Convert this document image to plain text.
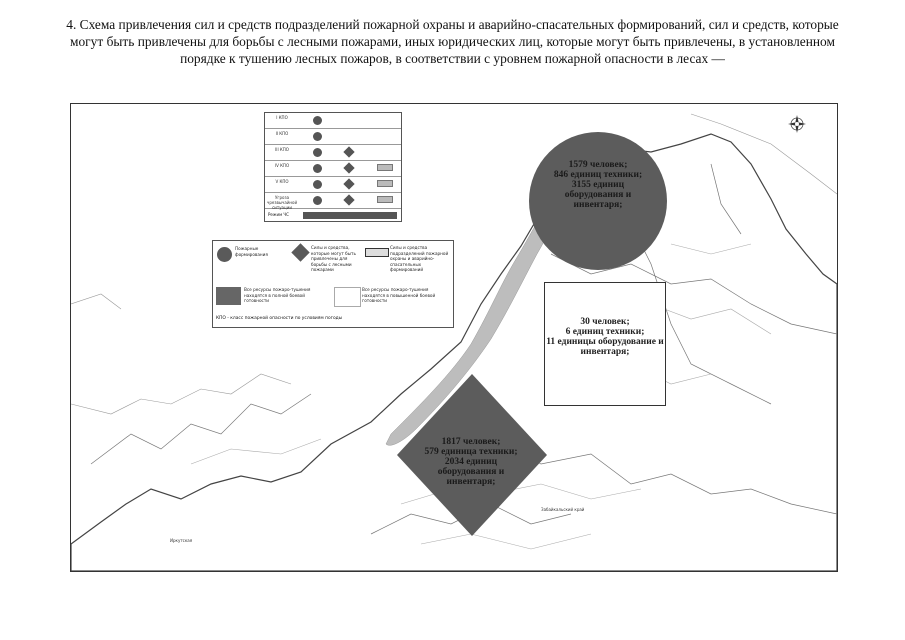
4. Схема привлечения сил и средств подразделений пожарной охраны и аварийно-спасательных формирований, сил и средств, которые могут быть привлечены для борьбы с лесными пожарами, иных юридических лиц, которые могут быть привлечены, в установленном порядке к тушению лесных пожаров, в соответствии с уровнем пожарной опасности в лесах —

Забайкальский край
Иркутская
I КПО
II КПО
III КПО
IV КПО
V КПО
Угроза чрезвычайной ситуации
Режим ЧС
Пожарные формирования
Силы и средства, которые могут быть привлечены для борьбы с лесными пожарами
Силы и средства подразделений пожарной охраны и аварийно-спасательных формирований
Все ресурсы пожаро-тушения находятся в полной боевой готовности
Все ресурсы пожаро-тушения находятся в повышенной боевой готовности
КПО - класс пожарной опасности по условиям погоды
1579 человек;
846 единиц техники;
3155 единиц оборудования и инвентаря;
30 человек;
6 единиц техники;
11 единицы оборудование и инвентаря;
1817 человек;
579 единица техники;
2034 единиц оборудования и инвентаря;
